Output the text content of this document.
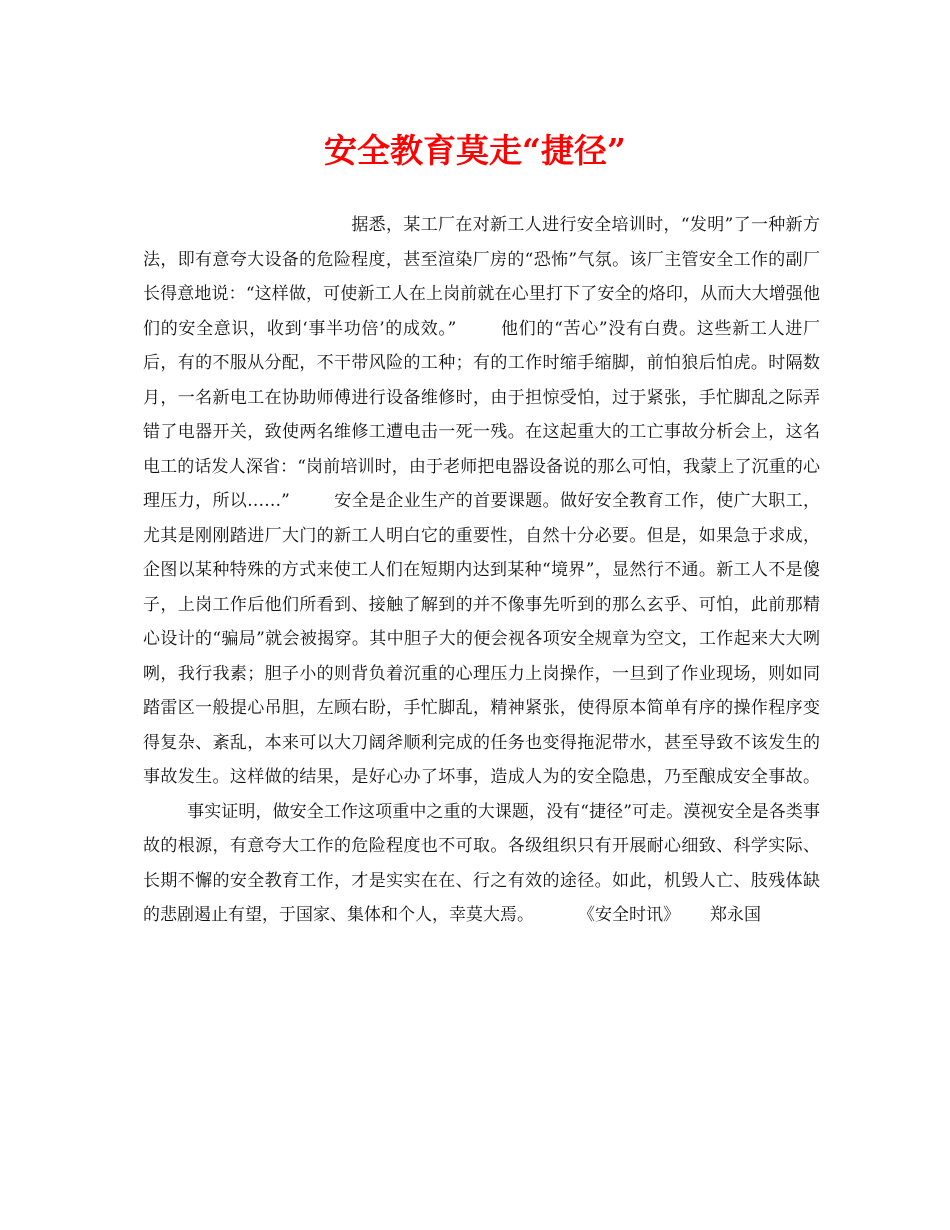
安全教育莫走“捷径”

据悉，某工厂在对新工人进行安全培训时，“发明”了一种新方法，即有意夸大设备的危险程度，甚至渲染厂房的“恐怖”气氛。该厂主管安全工作的副厂长得意地说：“这样做，可使新工人在上岗前就在心里打下了安全的烙印，从而大大增强他们的安全意识，收到‘事半功倍’的成效。”	他们的“苦心”没有白费。这些新工人进厂后，有的不服从分配，不干带风险的工种；有的工作时缩手缩脚，前怕狼后怕虎。时隔数月，一名新电工在协助师傅进行设备维修时，由于担惊受怕，过于紧张，手忙脚乱之际弄错了电器开关，致使两名维修工遭电击一死一残。在这起重大的工亡事故分析会上，这名电工的话发人深省：“岗前培训时，由于老师把电器设备说的那么可怕，我蒙上了沉重的心理压力，所以……”	安全是企业生产的首要课题。做好安全教育工作，使广大职工，尤其是刚刚踏进厂大门的新工人明白它的重要性，自然十分必要。但是，如果急于求成，企图以某种特殊的方式来使工人们在短期内达到某种“境界”，显然行不通。新工人不是傻子，上岗工作后他们所看到、接触了解到的并不像事先听到的那么玄乎、可怕，此前那精心设计的“骗局”就会被揭穿。其中胆子大的便会视各项安全规章为空文，工作起来大大咧咧，我行我素；胆子小的则背负着沉重的心理压力上岗操作，一旦到了作业现场，则如同踏雷区一般提心吊胆，左顾右盼，手忙脚乱，精神紧张，使得原本简单有序的操作程序变得复杂、紊乱，本来可以大刀阔斧顺利完成的任务也变得拖泥带水，甚至导致不该发生的事故发生。这样做的结果，是好心办了坏事，造成人为的安全隐患，乃至酿成安全事故。事实证明，做安全工作这项重中之重的大课题，没有“捷径”可走。漠视安全是各类事故的根源，有意夸大工作的危险程度也不可取。各级组织只有开展耐心细致、科学实际、长期不懈的安全教育工作，才是实实在在、行之有效的途径。如此，机毁人亡、肢残体缺的悲剧遏止有望，于国家、集体和个人，幸莫大焉。	《安全时讯》 郑永国
